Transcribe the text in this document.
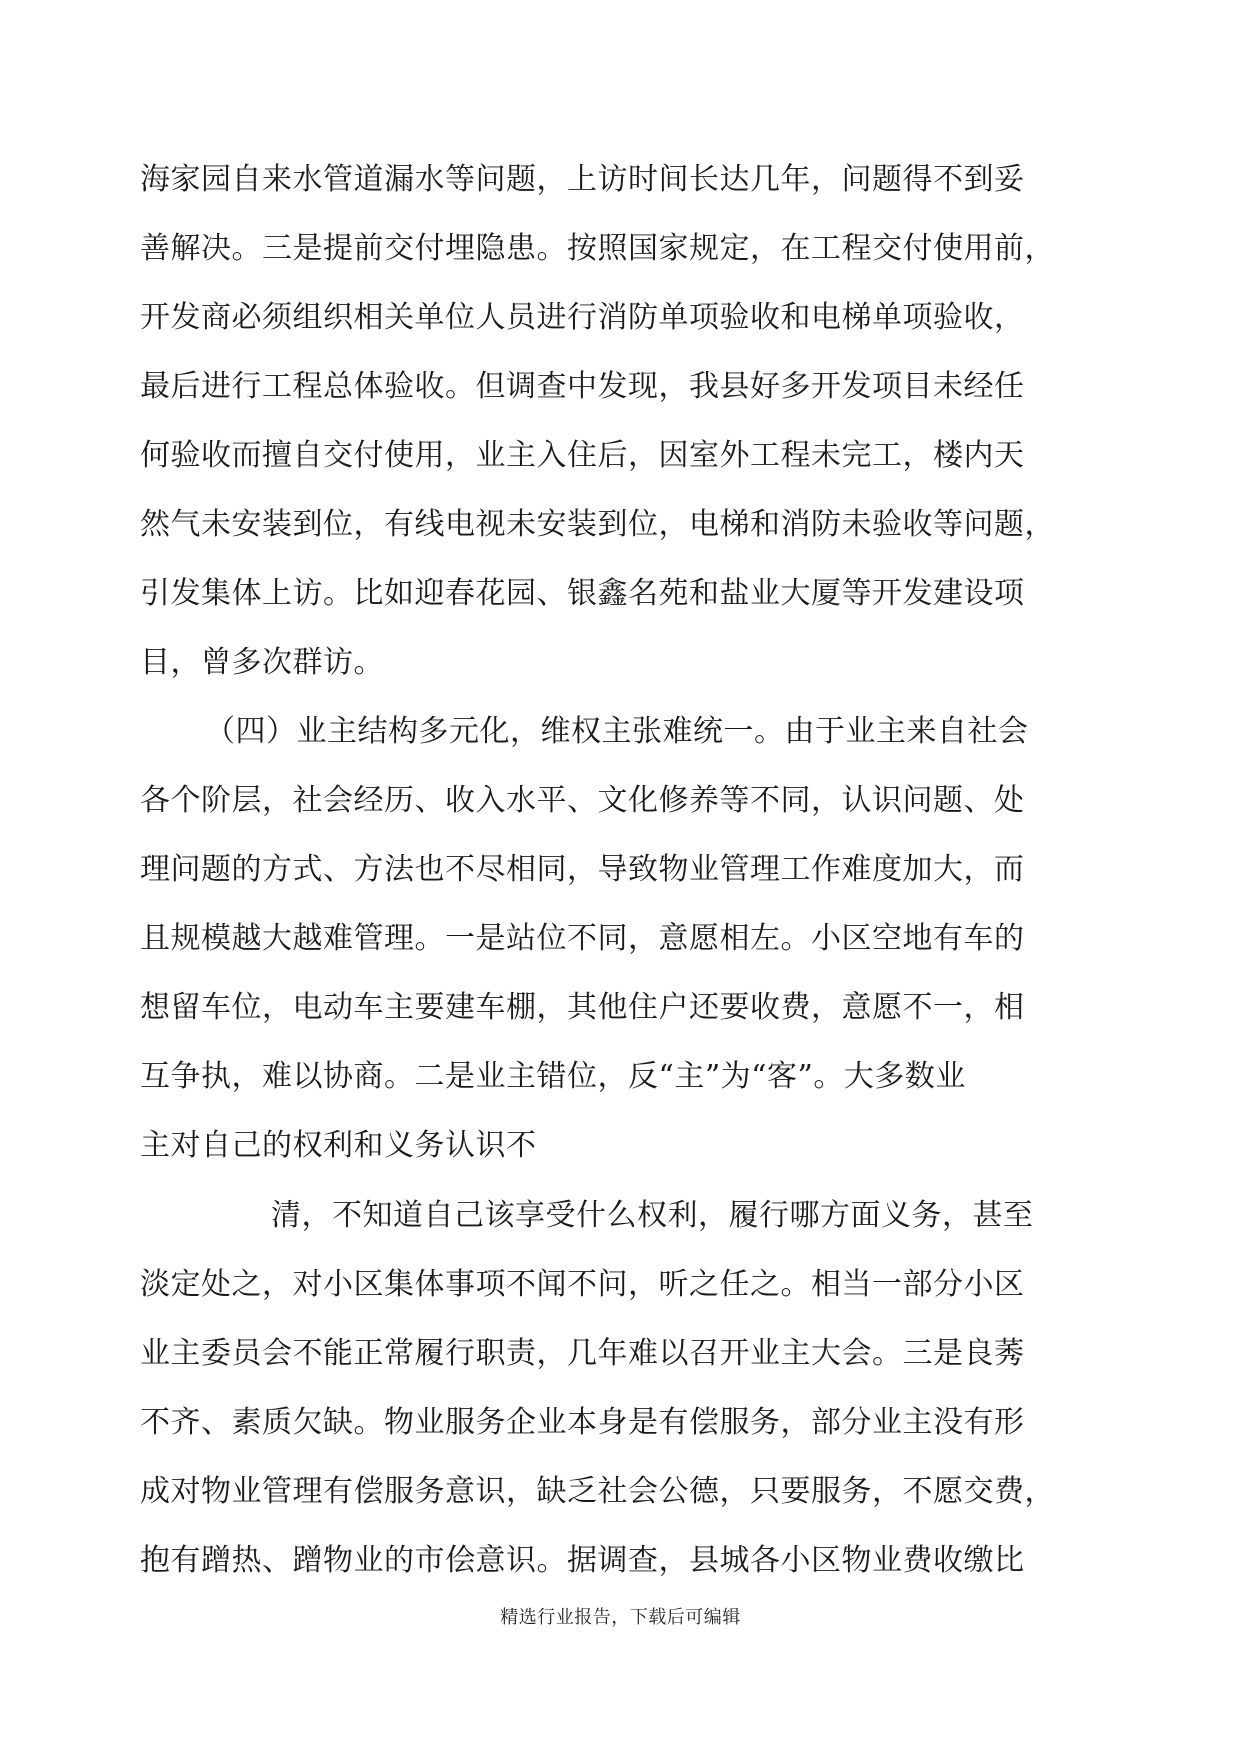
海家园自来水管道漏水等问题，上访时间长达几年，问题得不到妥
善解决。三是提前交付埋隐患。按照国家规定，在工程交付使用前，
开发商必须组织相关单位人员进行消防单项验收和电梯单项验收，
最后进行工程总体验收。但调查中发现，我县好多开发项目未经任
何验收而擅自交付使用，业主入住后，因室外工程未完工，楼内天
然气未安装到位，有线电视未安装到位，电梯和消防未验收等问题，
引发集体上访。比如迎春花园、银鑫名苑和盐业大厦等开发建设项
目，曾多次群访。
（四）业主结构多元化，维权主张难统一。由于业主来自社会
各个阶层，社会经历、收入水平、文化修养等不同，认识问题、处
理问题的方式、方法也不尽相同，导致物业管理工作难度加大，而
且规模越大越难管理。一是站位不同，意愿相左。小区空地有车的
想留车位，电动车主要建车棚，其他住户还要收费，意愿不一，相
互争执，难以协商。二是业主错位，反“主”为“客”。大多数业
主对自己的权利和义务认识不
清，不知道自己该享受什么权利，履行哪方面义务，甚至
淡定处之，对小区集体事项不闻不问，听之任之。相当一部分小区
业主委员会不能正常履行职责，几年难以召开业主大会。三是良莠
不齐、素质欠缺。物业服务企业本身是有偿服务，部分业主没有形
成对物业管理有偿服务意识，缺乏社会公德，只要服务，不愿交费，
抱有蹭热、蹭物业的市侩意识。据调查，县城各小区物业费收缴比
精选行业报告，下载后可编辑
